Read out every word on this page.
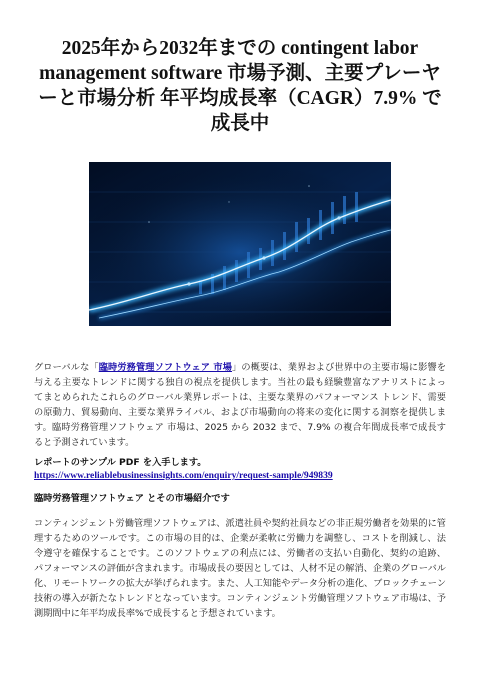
2025年から2032年までの contingent labor management software 市場予測、主要プレーヤーと市場分析 年平均成長率（CAGR）7.9% で成長中

グローバルな「臨時労務管理ソフトウェア 市場」の概要は、業界および世界中の主要市場に影響を与える主要なトレンドに関する独自の視点を提供します。当社の最も経験豊富なアナリストによってまとめられたこれらのグローバル業界レポートは、主要な業界のパフォーマンス トレンド、需要の原動力、貿易動向、主要な業界ライバル、および市場動向の将来の変化に関する洞察を提供します。臨時労務管理ソフトウェア 市場は、2025 から 2032 まで、7.9% の複合年間成長率で成長すると予測されています。

レポートのサンプル PDF を入手します。

https://www.reliablebusinessinsights.com/enquiry/request-sample/949839

臨時労務管理ソフトウェア とその市場紹介です

コンティンジェント労働管理ソフトウェアは、派遣社員や契約社員などの非正規労働者を効果的に管理するためのツールです。この市場の目的は、企業が柔軟に労働力を調整し、コストを削減し、法令遵守を確保することです。このソフトウェアの利点には、労働者の支払い自動化、契約の追跡、パフォーマンスの評価が含まれます。市場成長の要因としては、人材不足の解消、企業のグローバル化、リモートワークの拡大が挙げられます。また、人工知能やデータ分析の進化、ブロックチェーン技術の導入が新たなトレンドとなっています。コンティンジェント労働管理ソフトウェア市場は、予測期間中に年平均成長率%で成長すると予想されています。
